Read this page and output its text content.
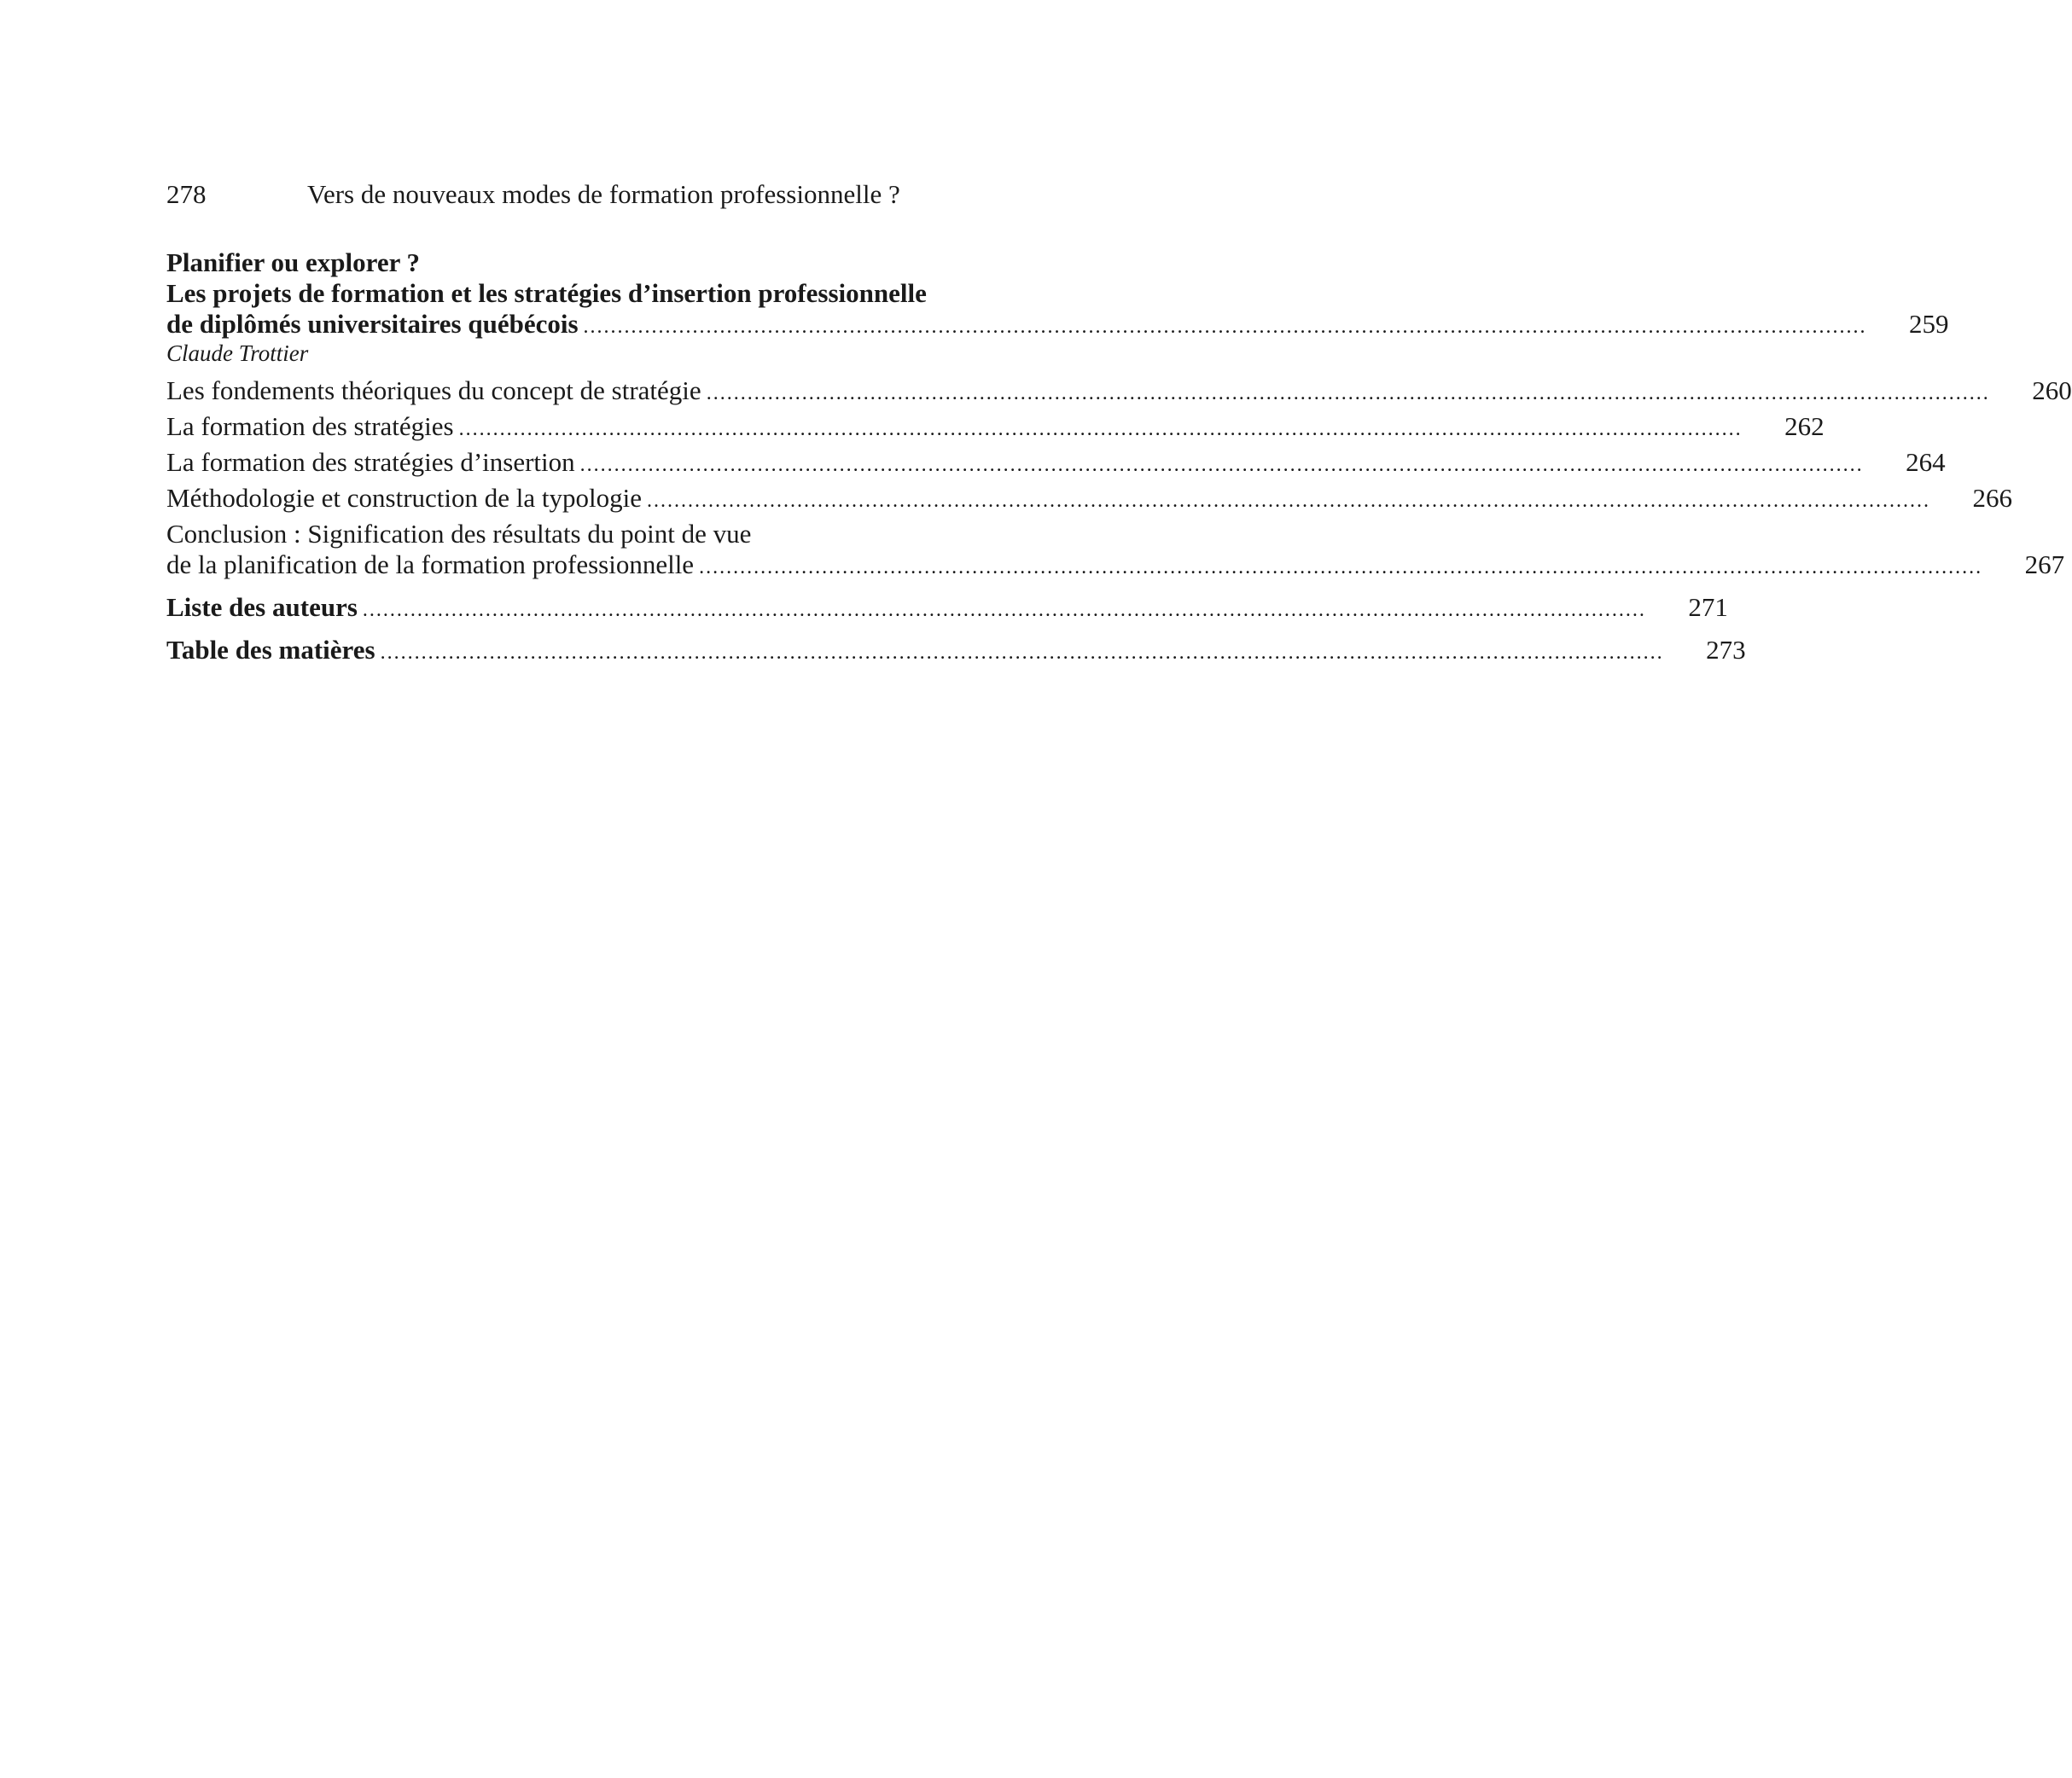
278	Vers de nouveaux modes de formation professionnelle ?
Planifier ou explorer ?
Les projets de formation et les stratégies d’insertion professionnelle
de diplômés universitaires québécois ............................................................................................................................................................................................	259
Claude Trottier
Les fondements théoriques du concept de stratégie ............................................................................................................................................................................................	260
La formation des stratégies ............................................................................................................................................................................................	262
La formation des stratégies d’insertion ............................................................................................................................................................................................	264
Méthodologie et construction de la typologie ............................................................................................................................................................................................	266
Conclusion : Signification des résultats du point de vue
de la planification de la formation professionnelle ............................................................................................................................................................................................	267
Liste des auteurs ............................................................................................................................................................................................	271
Table des matières ............................................................................................................................................................................................	273
